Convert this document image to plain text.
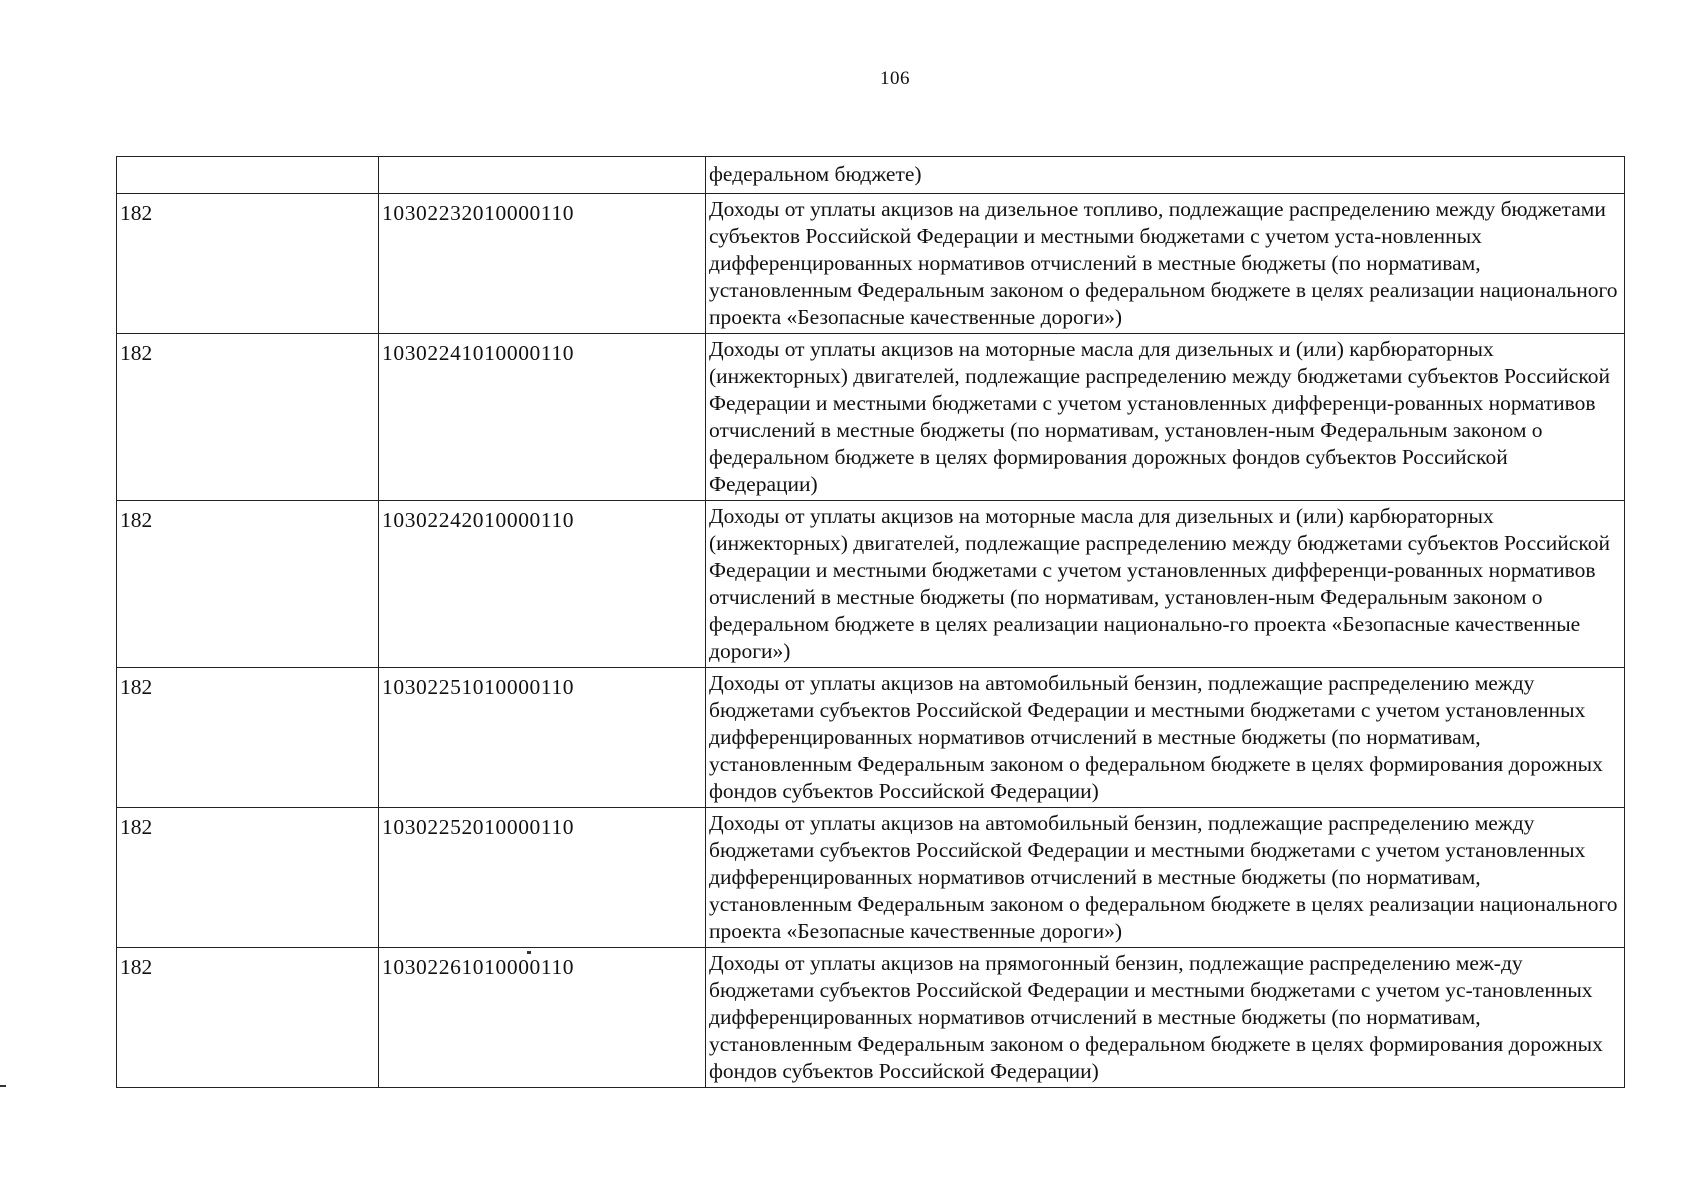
106
		федеральном бюджете)
182	10302232010000110	Доходы от уплаты акцизов на дизельное топливо, подлежащие распределению между бюджетами субъектов Российской Федерации и местными бюджетами с учетом уста-новленных дифференцированных нормативов отчислений в местные бюджеты (по нормативам, установленным Федеральным законом о федеральном бюджете в целях реализации национального проекта «Безопасные качественные дороги»)
182	10302241010000110	Доходы от уплаты акцизов на моторные масла для дизельных и (или) карбюраторных (инжекторных) двигателей, подлежащие распределению между бюджетами субъектов Российской Федерации и местными бюджетами с учетом установленных дифференци-рованных нормативов отчислений в местные бюджеты (по нормативам, установлен-ным Федеральным законом о федеральном бюджете в целях формирования дорожных фондов субъектов Российской Федерации)
182	10302242010000110	Доходы от уплаты акцизов на моторные масла для дизельных и (или) карбюраторных (инжекторных) двигателей, подлежащие распределению между бюджетами субъектов Российской Федерации и местными бюджетами с учетом установленных дифференци-рованных нормативов отчислений в местные бюджеты (по нормативам, установлен-ным Федеральным законом о федеральном бюджете в целях реализации национально-го проекта «Безопасные качественные дороги»)
182	10302251010000110	Доходы от уплаты акцизов на автомобильный бензин, подлежащие распределению между бюджетами субъектов Российской Федерации и местными бюджетами с учетом установленных дифференцированных нормативов отчислений в местные бюджеты (по нормативам, установленным Федеральным законом о федеральном бюджете в целях формирования дорожных фондов субъектов Российской Федерации)
182	10302252010000110	Доходы от уплаты акцизов на автомобильный бензин, подлежащие распределению между бюджетами субъектов Российской Федерации и местными бюджетами с учетом установленных дифференцированных нормативов отчислений в местные бюджеты (по нормативам, установленным Федеральным законом о федеральном бюджете в целях реализации национального проекта «Безопасные качественные дороги»)
182	10302261010000110	Доходы от уплаты акцизов на прямогонный бензин, подлежащие распределению меж-ду бюджетами субъектов Российской Федерации и местными бюджетами с учетом ус-тановленных дифференцированных нормативов отчислений в местные бюджеты (по нормативам, установленным Федеральным законом о федеральном бюджете в целях формирования дорожных фондов субъектов Российской Федерации)
